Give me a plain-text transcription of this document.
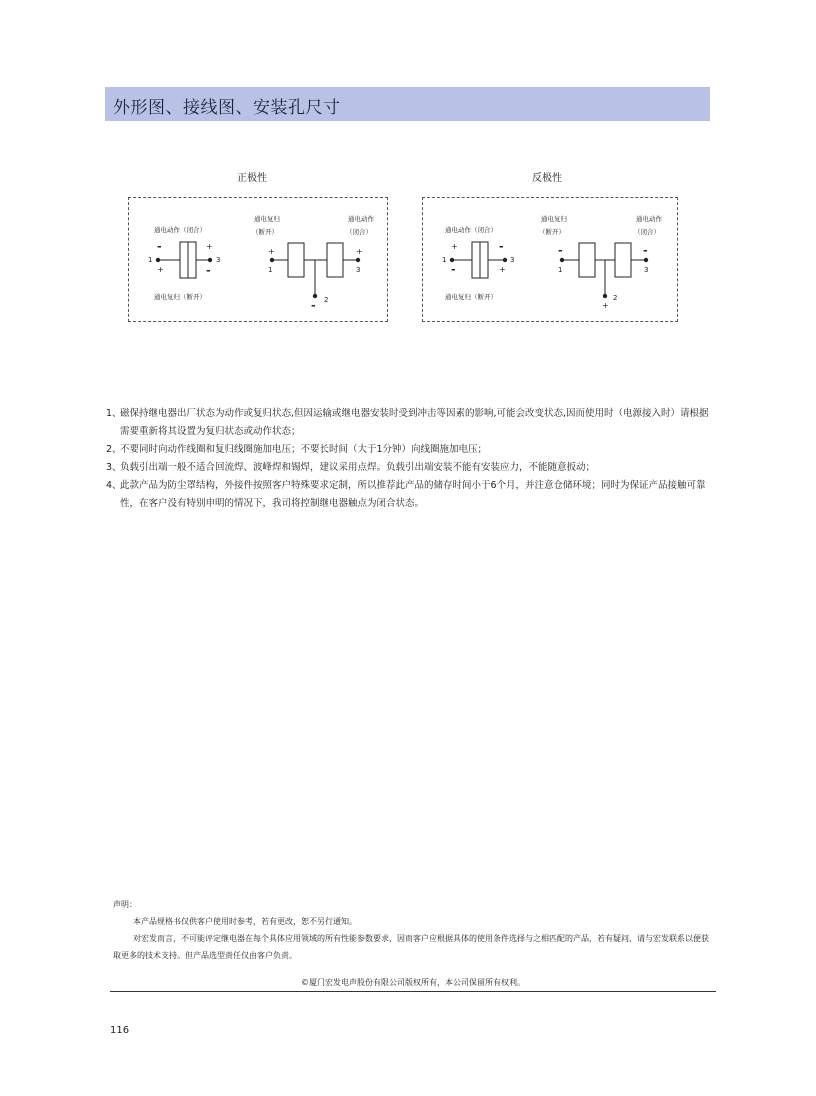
外形图、接线图、安装孔尺寸
正极性	反极性
通电动作（闭合）
通电复归（断开）
-
+
+
-
1	3
通电复归
（断开）
通电动作
（闭合）
+	+
1	3
2
-
通电动作（闭合）
通电复归（断开）
+
-
-
+
1	3
通电复归
（断开）
通电动作
（闭合）
-	-
1	3
2
+
1、
磁保持继电器出厂状态为动作或复归状态,但因运输或继电器安装时受到冲击等因素的影响,可能会改变状态,因而使用时（电源接入时）请根据需要重新将其设置为复归状态或动作状态；
2、
不要同时向动作线圈和复归线圈施加电压；不要长时间（大于1分钟）向线圈施加电压；
3、
负载引出端一般不适合回流焊、波峰焊和锡焊，建议采用点焊。负载引出端安装不能有安装应力，不能随意扳动；
4、
此款产品为防尘罩结构，外接件按照客户特殊要求定制，所以推荐此产品的储存时间小于6个月，并注意仓储环境；同时为保证产品接触可靠性，在客户没有特别申明的情况下，我司将控制继电器触点为闭合状态。
声明：
本产品规格书仅供客户使用时参考，若有更改，恕不另行通知。
对宏发而言，不可能评定继电器在每个具体应用领域的所有性能参数要求，因而客户应根据具体的使用条件选择与之相匹配的产品，若有疑问，请与宏发联系以便获取更多的技术支持。但产品选型责任仅由客户负责。
©厦门宏发电声股份有限公司版权所有，本公司保留所有权利。
116
